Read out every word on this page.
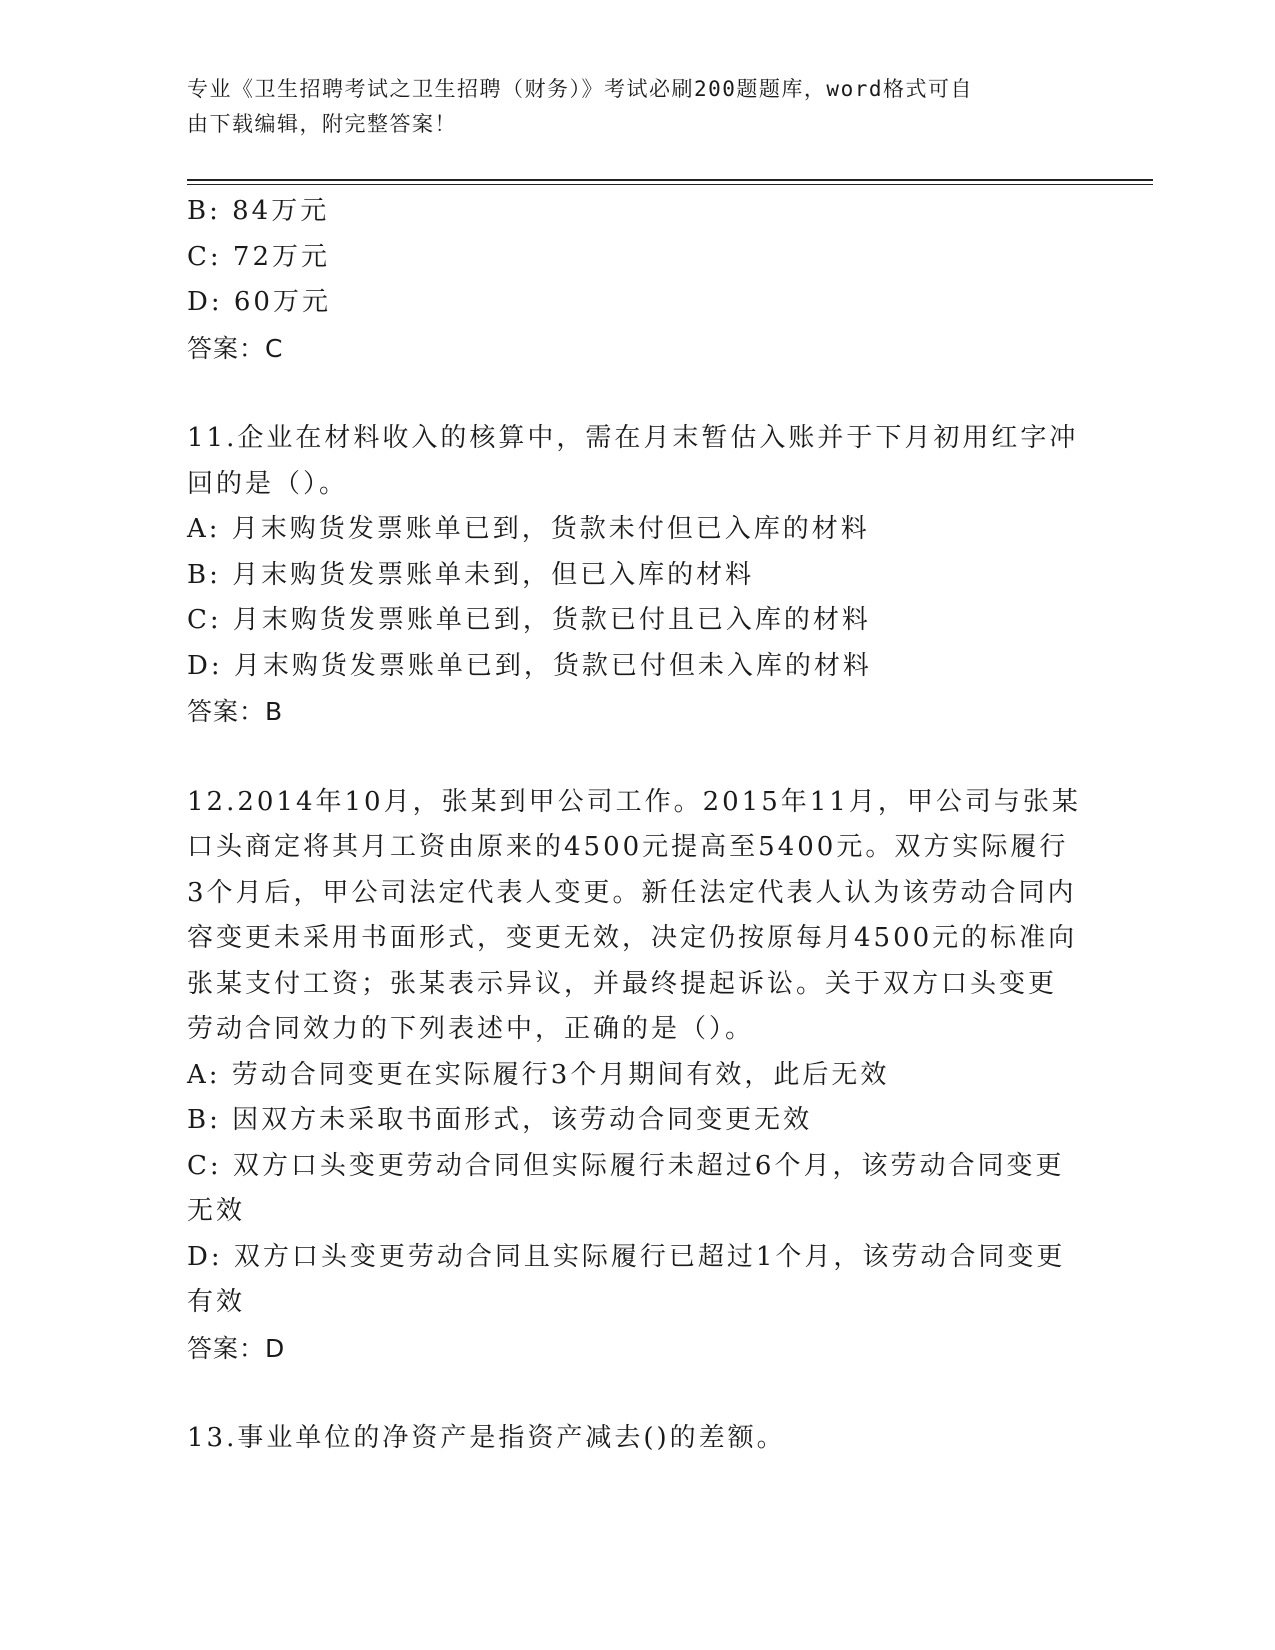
专业《卫生招聘考试之卫生招聘（财务）》考试必刷200题题库，word格式可自
由下载编辑，附完整答案！
B: 84万元
C: 72万元
D: 60万元
答案：C
11.企业在材料收入的核算中，需在月末暂估入账并于下月初用红字冲
回的是（）。
A: 月末购货发票账单已到，货款未付但已入库的材料
B: 月末购货发票账单未到，但已入库的材料
C: 月末购货发票账单已到，货款已付且已入库的材料
D: 月末购货发票账单已到，货款已付但未入库的材料
答案：B
12.2014年10月，张某到甲公司工作。2015年11月，甲公司与张某
口头商定将其月工资由原来的4500元提高至5400元。双方实际履行
3个月后，甲公司法定代表人变更。新任法定代表人认为该劳动合同内
容变更未采用书面形式，变更无效，决定仍按原每月4500元的标准向
张某支付工资；张某表示异议，并最终提起诉讼。关于双方口头变更
劳动合同效力的下列表述中，正确的是（）。
A: 劳动合同变更在实际履行3个月期间有效，此后无效
B: 因双方未采取书面形式，该劳动合同变更无效
C: 双方口头变更劳动合同但实际履行未超过6个月，该劳动合同变更
无效
D: 双方口头变更劳动合同且实际履行已超过1个月，该劳动合同变更
有效
答案：D
13.事业单位的净资产是指资产减去()的差额。
